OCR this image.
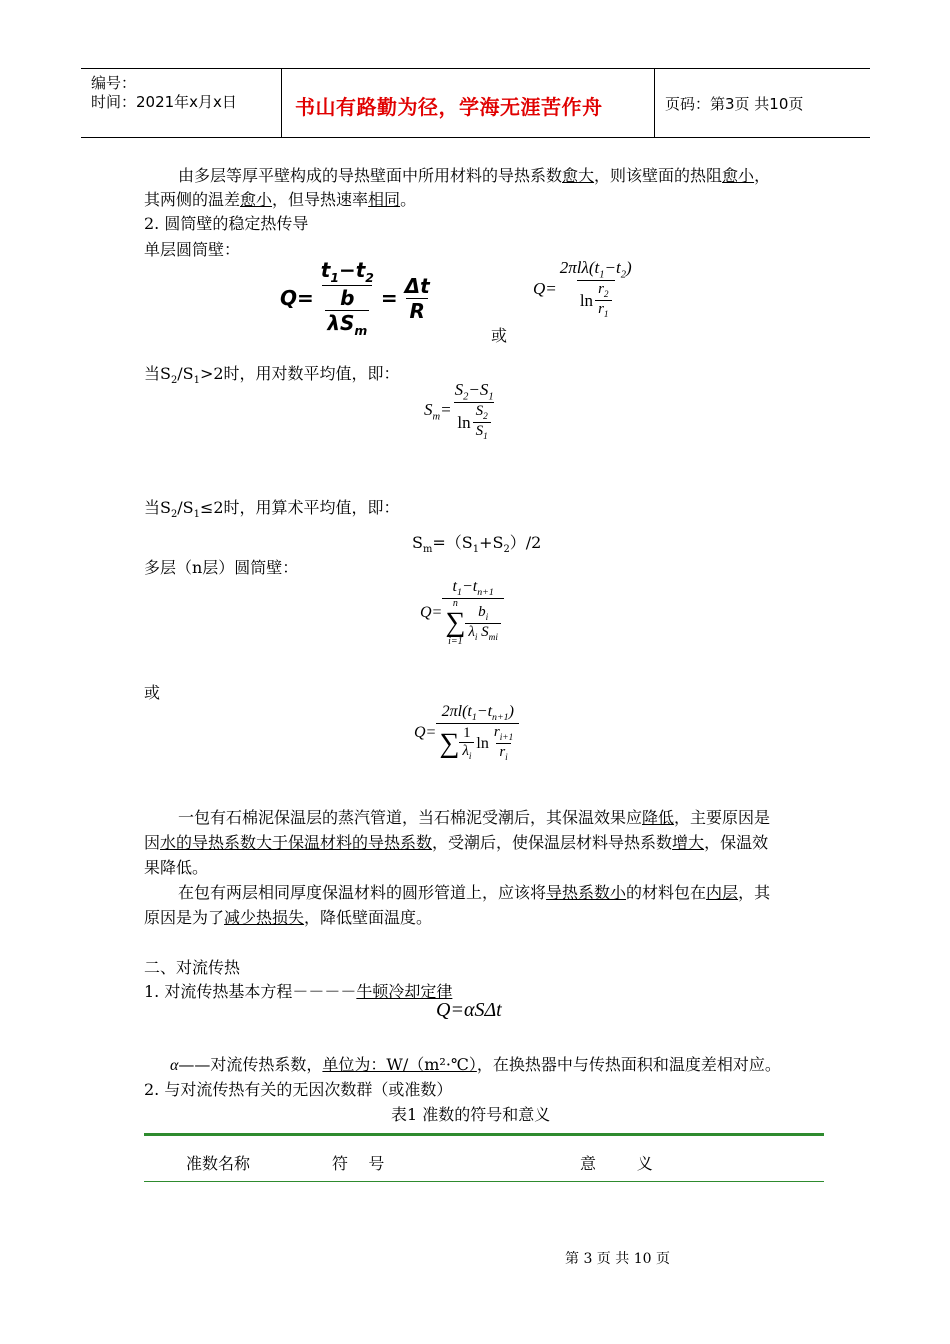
编号：
时间：2021年x月x日	书山有路勤为径，学海无涯苦作舟	页码：第3页 共10页
由多层等厚平壁构成的导热壁面中所用材料的导热系数愈大，则该壁面的热阻愈小，
其两侧的温差愈小，但导热速率相同。
2. 圆筒壁的稳定热传导
单层圆筒壁：
$Q= t_1-t_2$
b
$\lambda S_m = \frac{\Delta t}{R}$
或
$Q= \frac{2\pi l\lambda(t_1-t_2)}{\ln \frac{r_2}{r_1}}$
当$S_2/S_1>2$时，用对数平均值，即：
$S_m= \frac{S_2-S_1}{\ln \frac{S_2}{S_1}}$
当$S_2/S_1\le 2$时，用算术平均值，即：
$S_m=(S_1+S_2)/2$
多层（n层）圆筒壁：
$Q= t_1-t_{n+1}$
n
∑
$i=1 \frac{b_i}{\lambda_i S_{mi}}$
或
$Q= \frac{2\pi l(t_1-t_{n+1})}{\sum \frac{1}{\lambda_i} \ln \frac{r_{i+1}}{r_i}}$
一包有石棉泥保温层的蒸汽管道，当石棉泥受潮后，其保温效果应降低，主要原因是
因水的导热系数大于保温材料的导热系数，受潮后，使保温层材料导热系数增大，保温效
果降低。
在包有两层相同厚度保温材料的圆形管道上，应该将导热系数小的材料包在内层，其
原因是为了减少热损失，降低壁面温度。
二、对流传热
1. 对流传热基本方程－－－－牛顿冷却定律
Q=αSΔt
α——对流传热系数，单位为：W/（m²·℃），在换热器中与传热面积和温度差相对应。
2. 与对流传热有关的无因次数群（或准数）
表1 准数的符号和意义
准数名称	符    号	意        义
第 3 页 共 10 页
